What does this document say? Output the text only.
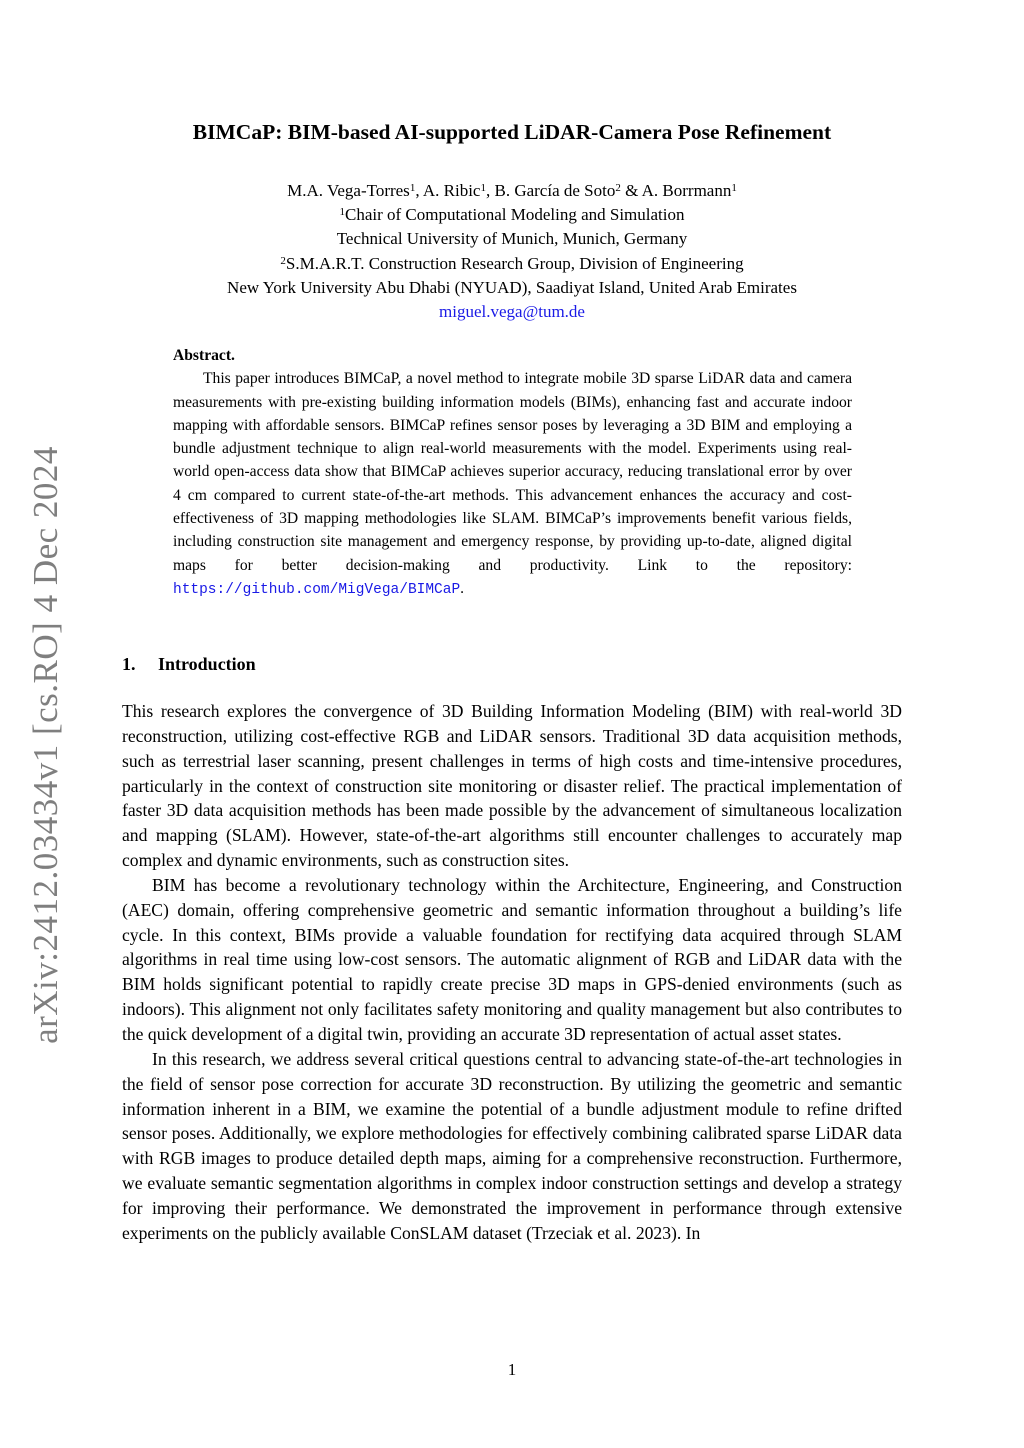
arXiv:2412.03434v1 [cs.RO] 4 Dec 2024
BIMCaP: BIM-based AI-supported LiDAR-Camera Pose Refinement
M.A. Vega-Torres$^1$, A. Ribic$^1$, B. García de Soto$^2$ & A. Borrmann$^1$
$^1$Chair of Computational Modeling and Simulation
Technical University of Munich, Munich, Germany
$^2$S.M.A.R.T. Construction Research Group, Division of Engineering
New York University Abu Dhabi (NYUAD), Saadiyat Island, United Arab Emirates
miguel.vega@tum.de
Abstract.

This paper introduces BIMCaP, a novel method to integrate mobile 3D sparse LiDAR data and camera measurements with pre-existing building information models (BIMs), enhancing fast and accurate indoor mapping with affordable sensors. BIMCaP refines sensor poses by leveraging a 3D BIM and employing a bundle adjustment technique to align real-world measurements with the model. Experiments using real-world open-access data show that BIMCaP achieves superior accuracy, reducing translational error by over 4 cm compared to current state-of-the-art methods. This advancement enhances the accuracy and cost-effectiveness of 3D mapping methodologies like SLAM. BIMCaP’s improvements benefit various fields, including construction site management and emergency response, by providing up-to-date, aligned digital maps for better decision-making and productivity. Link to the repository: https://github.com/MigVega/BIMCaP.

1. Introduction

This research explores the convergence of 3D Building Information Modeling (BIM) with real-world 3D reconstruction, utilizing cost-effective RGB and LiDAR sensors. Traditional 3D data acquisition methods, such as terrestrial laser scanning, present challenges in terms of high costs and time-intensive procedures, particularly in the context of construction site monitoring or disaster relief. The practical implementation of faster 3D data acquisition methods has been made possible by the advancement of simultaneous localization and mapping (SLAM). However, state-of-the-art algorithms still encounter challenges to accurately map complex and dynamic environments, such as construction sites.

BIM has become a revolutionary technology within the Architecture, Engineering, and Construction (AEC) domain, offering comprehensive geometric and semantic information throughout a building’s life cycle. In this context, BIMs provide a valuable foundation for rectifying data acquired through SLAM algorithms in real time using low-cost sensors. The automatic alignment of RGB and LiDAR data with the BIM holds significant potential to rapidly create precise 3D maps in GPS-denied environments (such as indoors). This alignment not only facilitates safety monitoring and quality management but also contributes to the quick development of a digital twin, providing an accurate 3D representation of actual asset states.

In this research, we address several critical questions central to advancing state-of-the-art technologies in the field of sensor pose correction for accurate 3D reconstruction. By utilizing the geometric and semantic information inherent in a BIM, we examine the potential of a bundle adjustment module to refine drifted sensor poses. Additionally, we explore methodologies for effectively combining calibrated sparse LiDAR data with RGB images to produce detailed depth maps, aiming for a comprehensive reconstruction. Furthermore, we evaluate semantic segmentation algorithms in complex indoor construction settings and develop a strategy for improving their performance. We demonstrated the improvement in performance through extensive experiments on the publicly available ConSLAM dataset (Trzeciak et al. 2023). In

1
